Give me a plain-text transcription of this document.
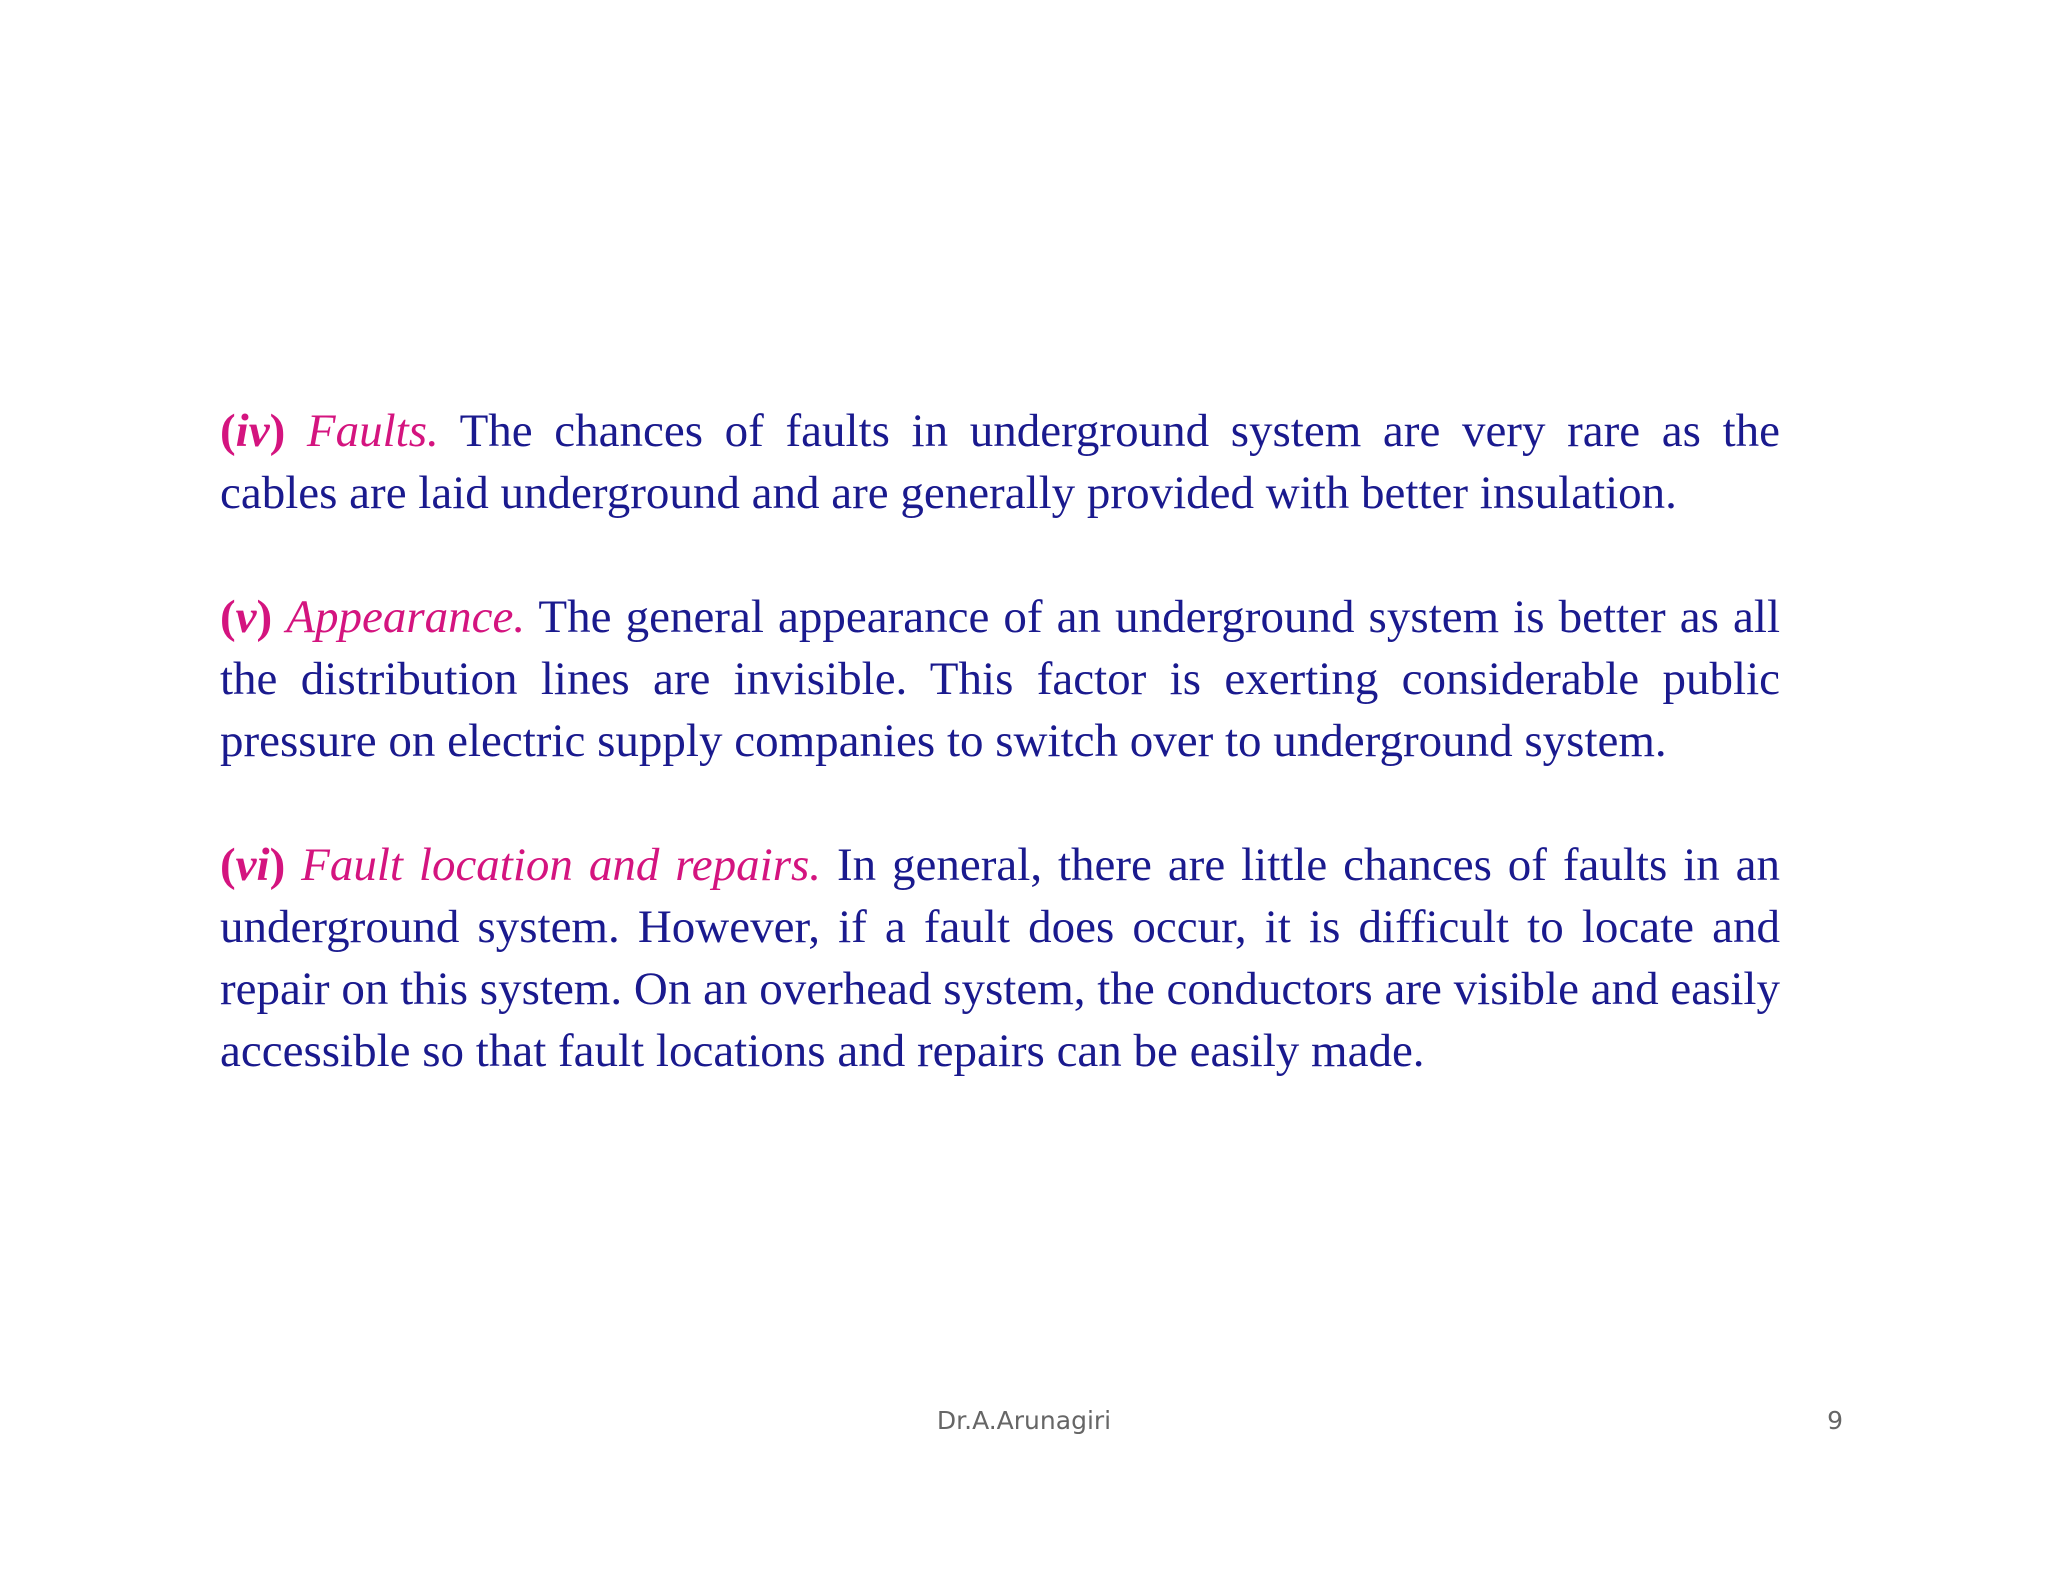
(iv) Faults. The chances of faults in underground system are very rare as the cables are laid underground and are generally provided with better insulation.

(v) Appearance. The general appearance of an underground system is better as all the distribution lines are invisible. This factor is exerting considerable public pressure on electric supply companies to switch over to underground system.

(vi) Fault location and repairs. In general, there are little chances of faults in an underground system. However, if a fault does occur, it is difficult to locate and repair on this system. On an overhead system, the conductors are visible and easily accessible so that fault locations and repairs can be easily made.

Dr.A.Arunagiri	9
